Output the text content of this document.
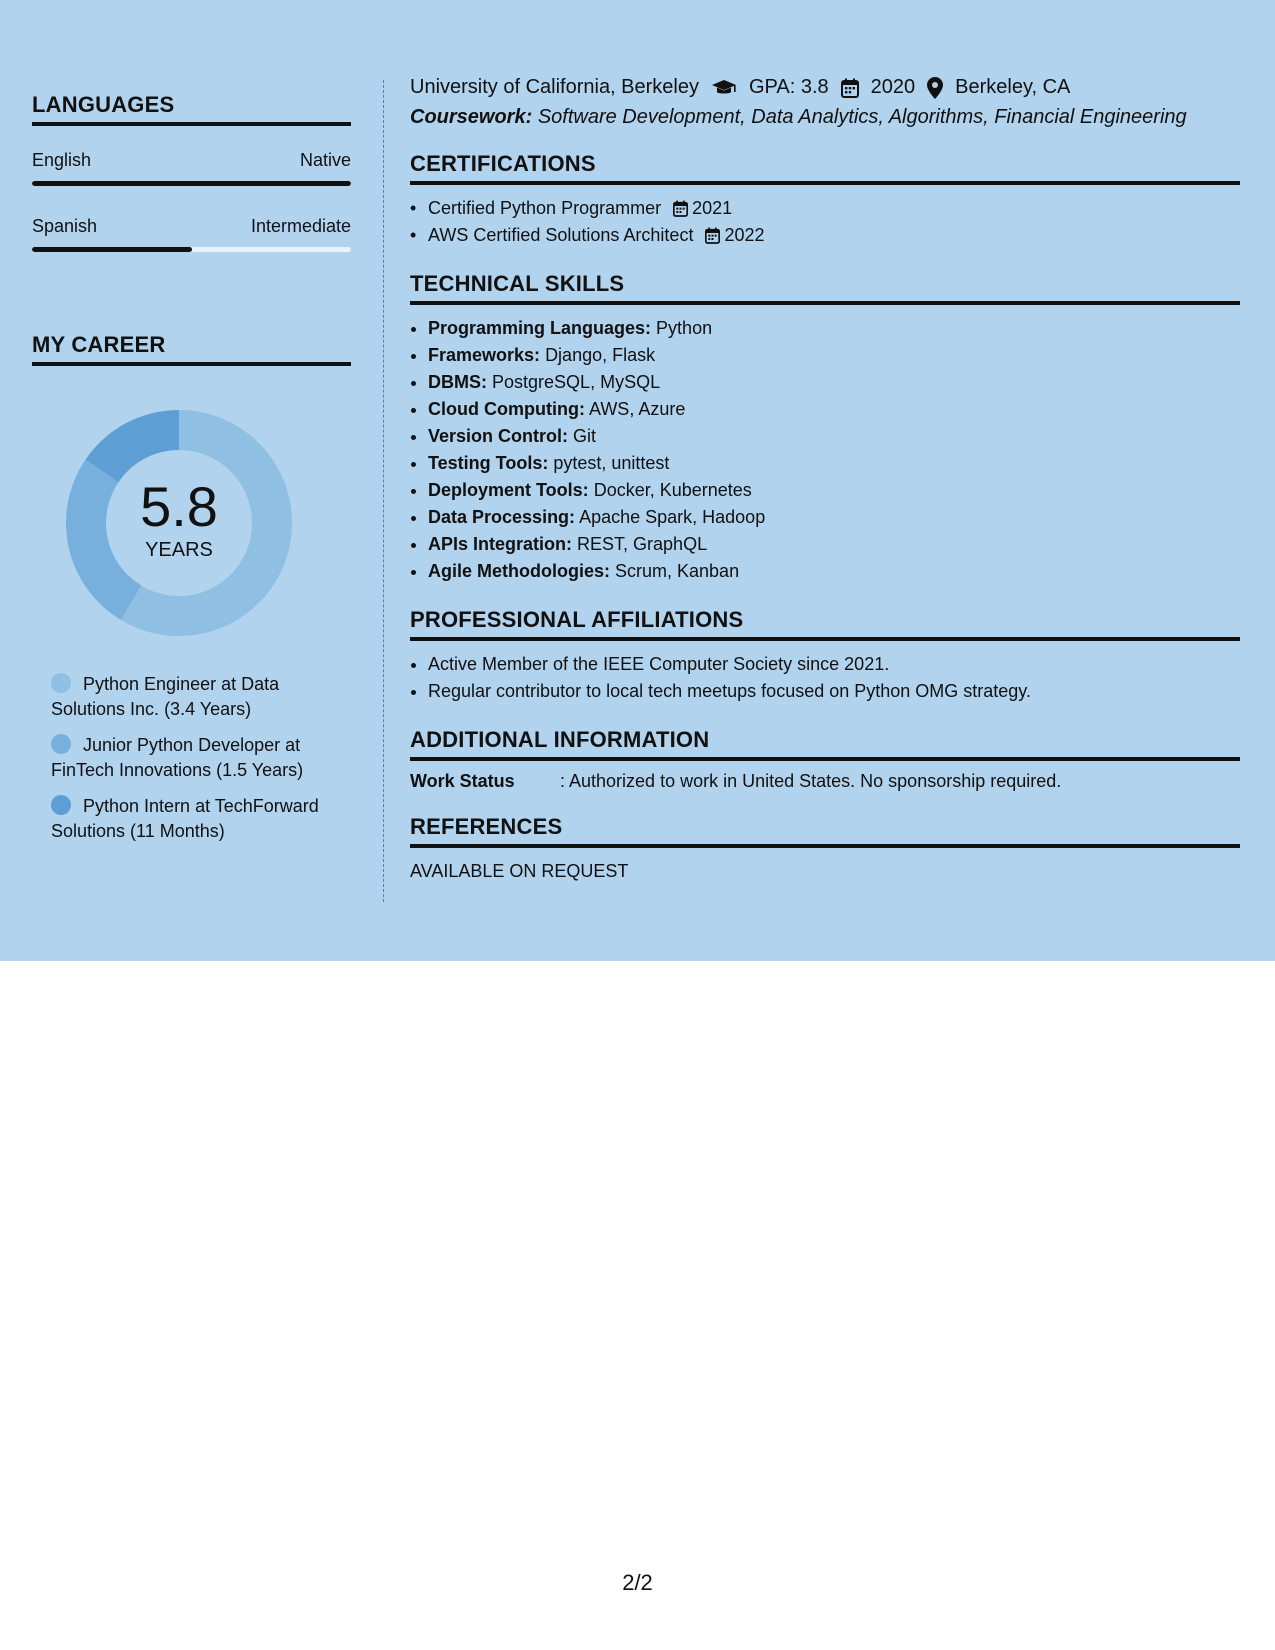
LANGUAGES
English	Native
Spanish	Intermediate
MY CAREER
5.8
YEARS
Python Engineer at Data Solutions Inc. (3.4 Years)
Junior Python Developer at FinTech Innovations (1.5 Years)
Python Intern at TechForward Solutions (11 Months)
University of California, Berkeley	GPA: 3.8 2020 Berkeley, CA
Coursework: Software Development, Data Analytics, Algorithms, Financial Engineering
CERTIFICATIONS
• Certified Python Programmer 2021
• AWS Certified Solutions Architect 2022
TECHNICAL SKILLS
• Programming Languages: Python
• Frameworks: Django, Flask
• DBMS: PostgreSQL, MySQL
• Cloud Computing: AWS, Azure
• Version Control: Git
• Testing Tools: pytest, unittest
• Deployment Tools: Docker, Kubernetes
• Data Processing: Apache Spark, Hadoop
• APIs Integration: REST, GraphQL
• Agile Methodologies: Scrum, Kanban
PROFESSIONAL AFFILIATIONS
• Active Member of the IEEE Computer Society since 2021.
• Regular contributor to local tech meetups focused on Python OMG strategy.
ADDITIONAL INFORMATION
Work Status	: Authorized to work in United States. No sponsorship required.
REFERENCES
AVAILABLE ON REQUEST
2/2
